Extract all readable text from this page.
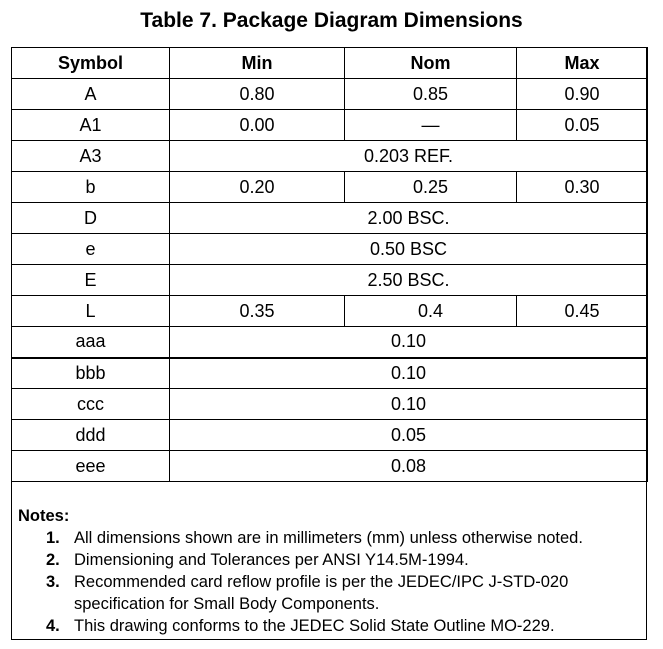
Table 7. Package Diagram Dimensions
Symbol	Min	Nom	Max
A	0.80	0.85	0.90
A1	0.00	—	0.05
A3	0.203 REF.		
b	0.20	0.25	0.30
D	2.00 BSC.		
e	0.50 BSC		
E	2.50 BSC.		
L	0.35	0.4	0.45
aaa	0.10		
bbb	0.10		
ccc	0.10		
ddd	0.05		
eee	0.08		
Notes:
1. All dimensions shown are in millimeters (mm) unless otherwise noted.
2. Dimensioning and Tolerances per ANSI Y14.5M-1994.
3. Recommended card reflow profile is per the JEDEC/IPC J-STD-020 specification for Small Body Components.
4. This drawing conforms to the JEDEC Solid State Outline MO-229.
